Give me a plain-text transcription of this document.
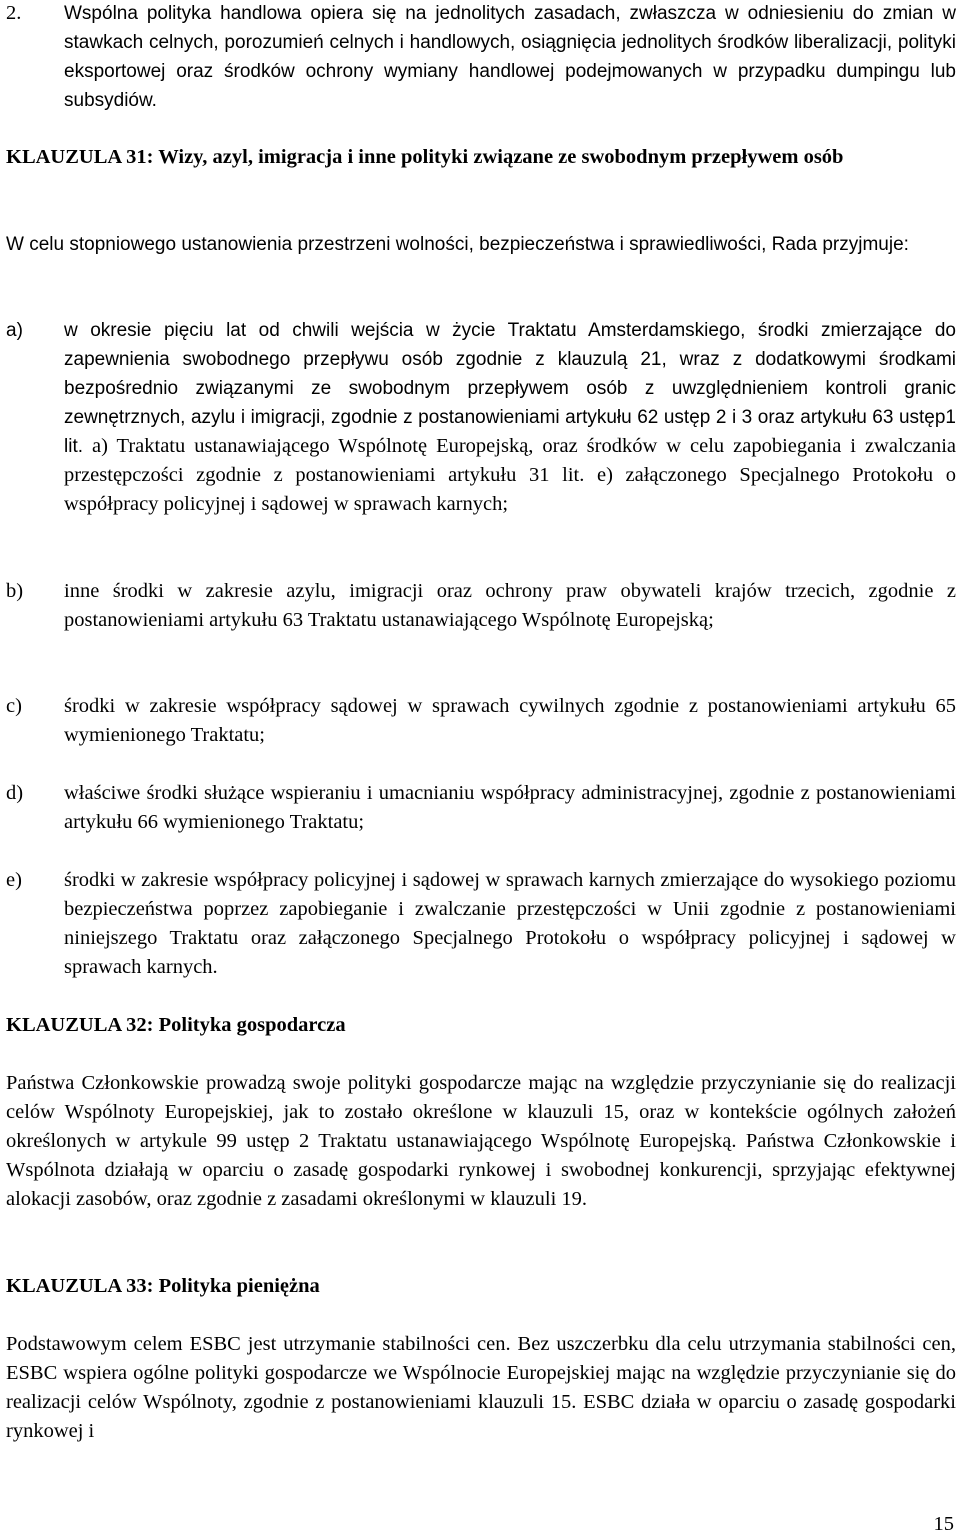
2.	Wspólna polityka handlowa opiera się na jednolitych zasadach, zwłaszcza w odniesieniu do zmian w stawkach celnych, porozumień celnych i handlowych, osiągnięcia jednolitych środków liberalizacji, polityki eksportowej oraz środków ochrony wymiany handlowej podejmowanych w przypadku dumpingu lub subsydiów.

KLAUZULA 31: Wizy, azyl, imigracja i inne polityki związane ze swobodnym przepływem osób

W celu stopniowego ustanowienia przestrzeni wolności, bezpieczeństwa i sprawiedliwości, Rada przyjmuje:

a)	w okresie pięciu lat od chwili wejścia w życie Traktatu Amsterdamskiego, środki zmierzające do zapewnienia swobodnego przepływu osób zgodnie z klauzulą 21, wraz z dodatkowymi środkami bezpośrednio związanymi ze swobodnym przepływem osób z uwzględnieniem kontroli granic zewnętrznych, azylu i imigracji, zgodnie z postanowieniami artykułu 62 ustęp 2 i 3 oraz artykułu 63 ustęp1 lit. a) Traktatu ustanawiającego Wspólnotę Europejską, oraz środków w celu zapobiegania i zwalczania przestępczości zgodnie z postanowieniami artykułu 31 lit. e) załączonego Specjalnego Protokołu o współpracy policyjnej i sądowej w sprawach karnych;
b)	inne środki w zakresie azylu, imigracji oraz ochrony praw obywateli krajów trzecich, zgodnie z postanowieniami artykułu 63 Traktatu ustanawiającego Wspólnotę Europejską;
c)	środki w zakresie współpracy sądowej w sprawach cywilnych zgodnie z postanowieniami artykułu 65 wymienionego Traktatu;
d)	właściwe środki służące wspieraniu i umacnianiu współpracy administracyjnej, zgodnie z postanowieniami artykułu 66 wymienionego Traktatu;
e)	środki w zakresie współpracy policyjnej i sądowej w sprawach karnych zmierzające do wysokiego poziomu bezpieczeństwa poprzez zapobieganie i zwalczanie przestępczości w Unii zgodnie z postanowieniami niniejszego Traktatu oraz załączonego Specjalnego Protokołu o współpracy policyjnej i sądowej w sprawach karnych.

KLAUZULA 32: Polityka gospodarcza

Państwa Członkowskie prowadzą swoje polityki gospodarcze mając na względzie przyczynianie się do realizacji celów Wspólnoty Europejskiej, jak to zostało określone w klauzuli 15, oraz w kontekście ogólnych założeń określonych w artykule 99 ustęp 2 Traktatu ustanawiającego Wspólnotę Europejską. Państwa Członkowskie i Wspólnota działają w oparciu o zasadę gospodarki rynkowej i swobodnej konkurencji, sprzyjając efektywnej alokacji zasobów, oraz zgodnie z zasadami określonymi w klauzuli 19.

KLAUZULA 33: Polityka pieniężna

Podstawowym celem ESBC jest utrzymanie stabilności cen. Bez uszczerbku dla celu utrzymania stabilności cen, ESBC wspiera ogólne polityki gospodarcze we Wspólnocie Europejskiej mając na względzie przyczynianie się do realizacji celów Wspólnoty, zgodnie z postanowieniami klauzuli 15. ESBC działa w oparciu o zasadę gospodarki rynkowej i

15
